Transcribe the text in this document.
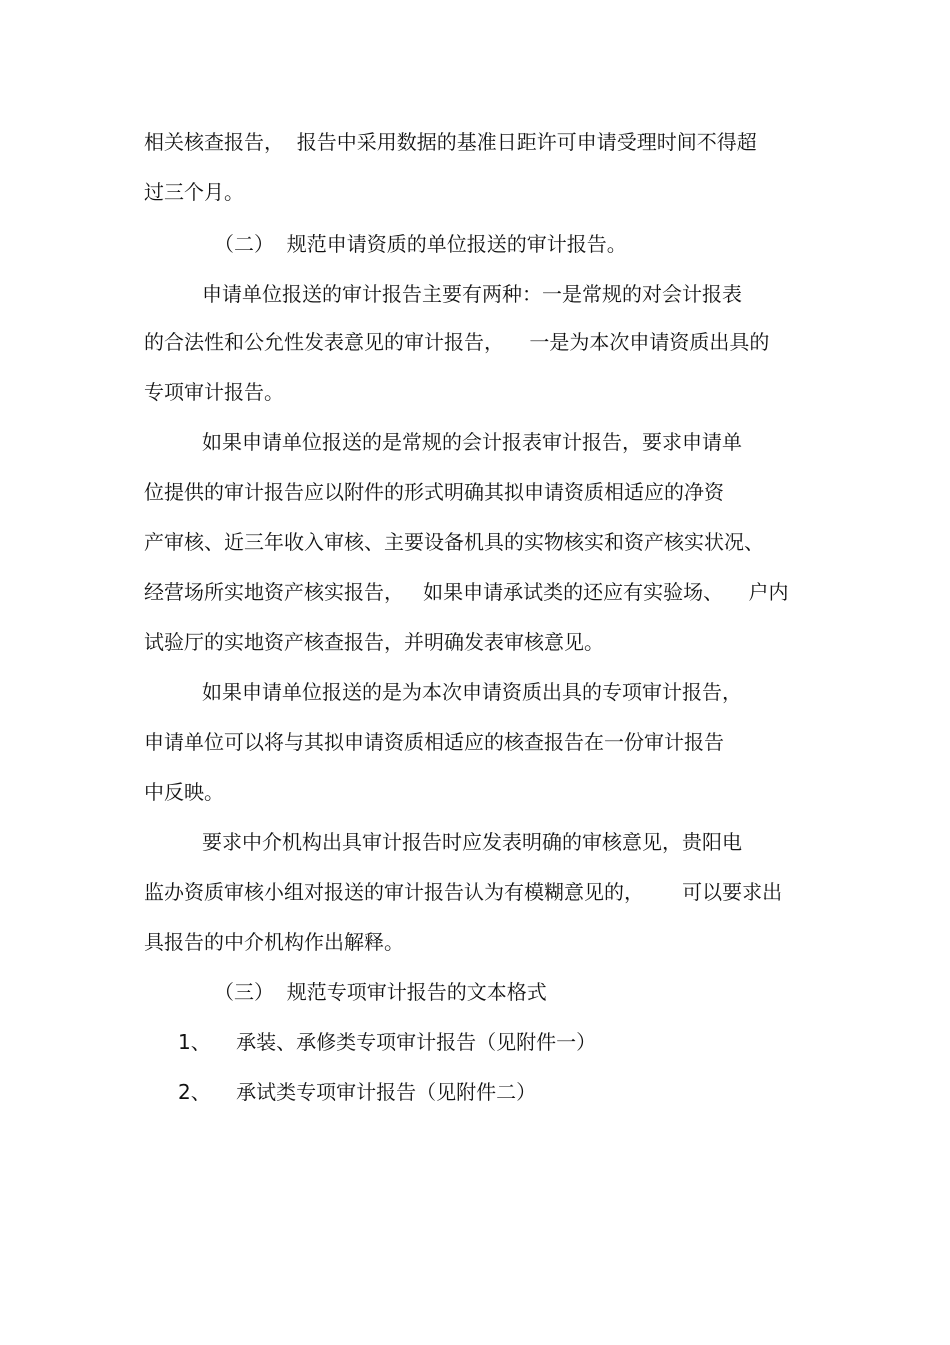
相关核查报告，  报告中采用数据的基准日距许可申请受理时间不得超
过三个月。
（二）  规范申请资质的单位报送的审计报告。
申请单位报送的审计报告主要有两种：一是常规的对会计报表
的合法性和公允性发表意见的审计报告，    一是为本次申请资质出具的
专项审计报告。
如果申请单位报送的是常规的会计报表审计报告，要求申请单
位提供的审计报告应以附件的形式明确其拟申请资质相适应的净资
产审核、近三年收入审核、主要设备机具的实物核实和资产核实状况、
经营场所实地资产核实报告，   如果申请承试类的还应有实验场、    户内
试验厅的实地资产核查报告，并明确发表审核意见。
如果申请单位报送的是为本次申请资质出具的专项审计报告，
申请单位可以将与其拟申请资质相适应的核查报告在一份审计报告
中反映。
要求中介机构出具审计报告时应发表明确的审核意见，贵阳电
监办资质审核小组对报送的审计报告认为有模糊意见的，      可以要求出
具报告的中介机构作出解释。
（三）  规范专项审计报告的文本格式
1、    承装、承修类专项审计报告（见附件一）
2、    承试类专项审计报告（见附件二）
